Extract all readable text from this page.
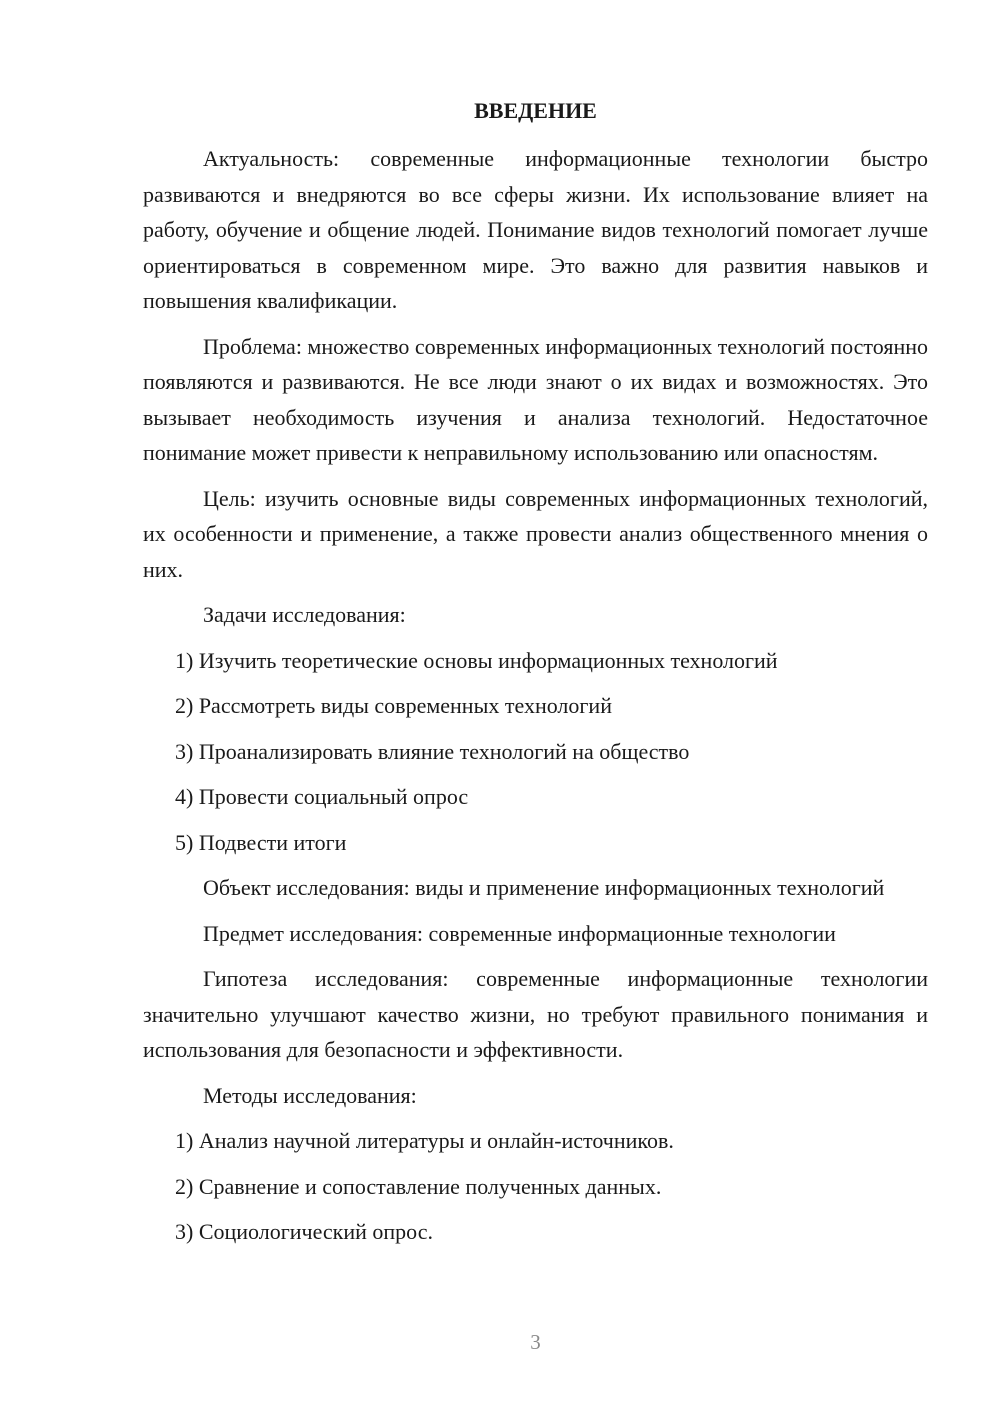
ВВЕДЕНИЕ

Актуальность: современные информационные технологии быстро развиваются и внедряются во все сферы жизни. Их использование влияет на работу, обучение и общение людей. Понимание видов технологий помогает лучше ориентироваться в современном мире. Это важно для развития навыков и повышения квалификации.

Проблема: множество современных информационных технологий постоянно появляются и развиваются. Не все люди знают о их видах и возможностях. Это вызывает необходимость изучения и анализа технологий. Недостаточное понимание может привести к неправильному использованию или опасностям.

Цель: изучить основные виды современных информационных технологий, их особенности и применение, а также провести анализ общественного мнения о них.

Задачи исследования:

1) Изучить теоретические основы информационных технологий
2) Рассмотреть виды современных технологий
3) Проанализировать влияние технологий на общество
4) Провести социальный опрос
5) Подвести итоги

Объект исследования: виды и применение информационных технологий

Предмет исследования: современные информационные технологии

Гипотеза исследования: современные информационные технологии значительно улучшают качество жизни, но требуют правильного понимания и использования для безопасности и эффективности.

Методы исследования:

1) Анализ научной литературы и онлайн-источников.
2) Сравнение и сопоставление полученных данных.
3) Социологический опрос.
3
